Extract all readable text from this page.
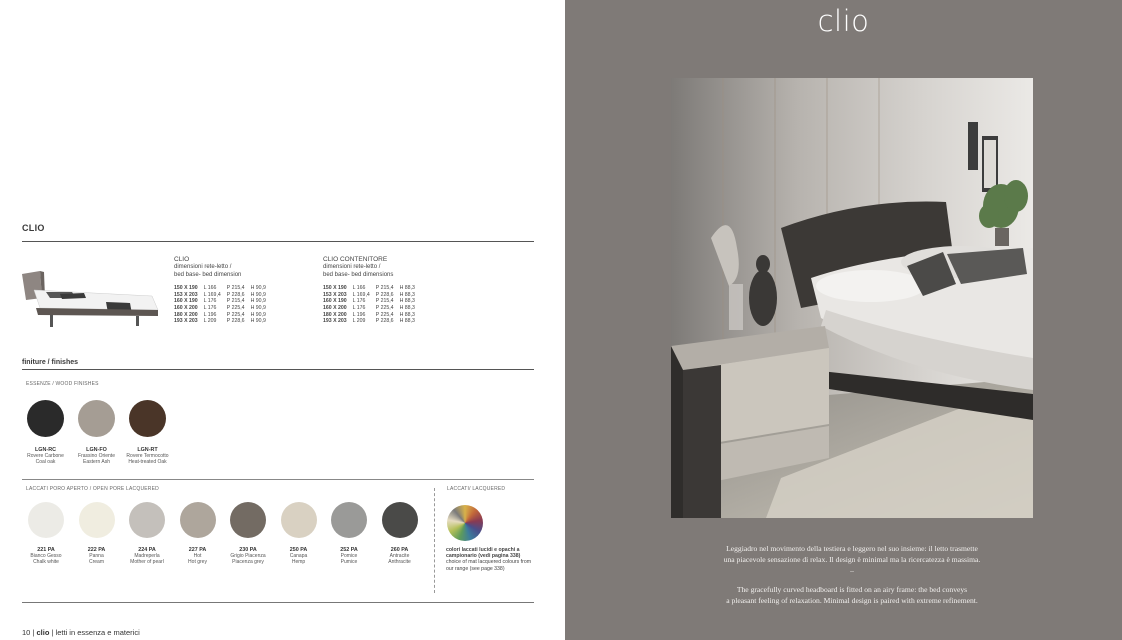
CLIO
CLIO
dimensioni rete-letto /
bed base- bed dimension
150 X 190	L 166	P 215,4	H 90,9
153 X 203	L 169,4	P 228,6	H 90,9
160 X 190	L 176	P 215,4	H 90,9
160 X 200	L 176	P 225,4	H 90,9
180 X 200	L 196	P 225,4	H 90,9
193 X 203	L 209	P 228,6	H 90,9
CLIO CONTENITORE
dimensioni rete-letto /
bed base- bed dimensions
150 X 190	L 166	P 215,4	H 88,3
153 X 203	L 169,4	P 228,6	H 88,3
160 X 190	L 176	P 215,4	H 88,3
160 X 200	L 176	P 225,4	H 88,3
180 X 200	L 196	P 225,4	H 88,3
193 X 203	L 209	P 228,6	H 88,3
finiture / finishes
ESSENZE / WOOD FINISHES
LGN-RC
Rovere Carbone
Coal oak
LGN-FO
Frassino Oriente
Eastern Ash
LGN-RT
Rovere Termocotto
Heat-treated Oak
LACCATI PORO APERTO / OPEN PORE LACQUERED	LACCATI/ LACQUERED
221 PA
Bianco Gesso
Chalk white
222 PA
Panna
Cream
224 PA
Madreperla
Mother of pearl
227 PA
Hot
Hot grey
230 PA
Grigio Piacenza
Piacenza grey
250 PA
Canapa
Hemp
252 PA
Pomice
Pumice
260 PA
Antracite
Anthracite
colori laccati lucidi e opachi a campionario (vedi pagina 338)
choice of mat lacquered colours from our range (see page 338)
10 | clio | letti in essenza e materici
clio
Leggiadro nel movimento della testiera e leggero nel suo insieme: il letto trasmette
una piacevole sensazione di relax. Il design è minimal ma la ricercatezza è massima.
–
The gracefully curved headboard is fitted on an airy frame: the bed conveys
a pleasant feeling of relaxation. Minimal design is paired with extreme refinement.
